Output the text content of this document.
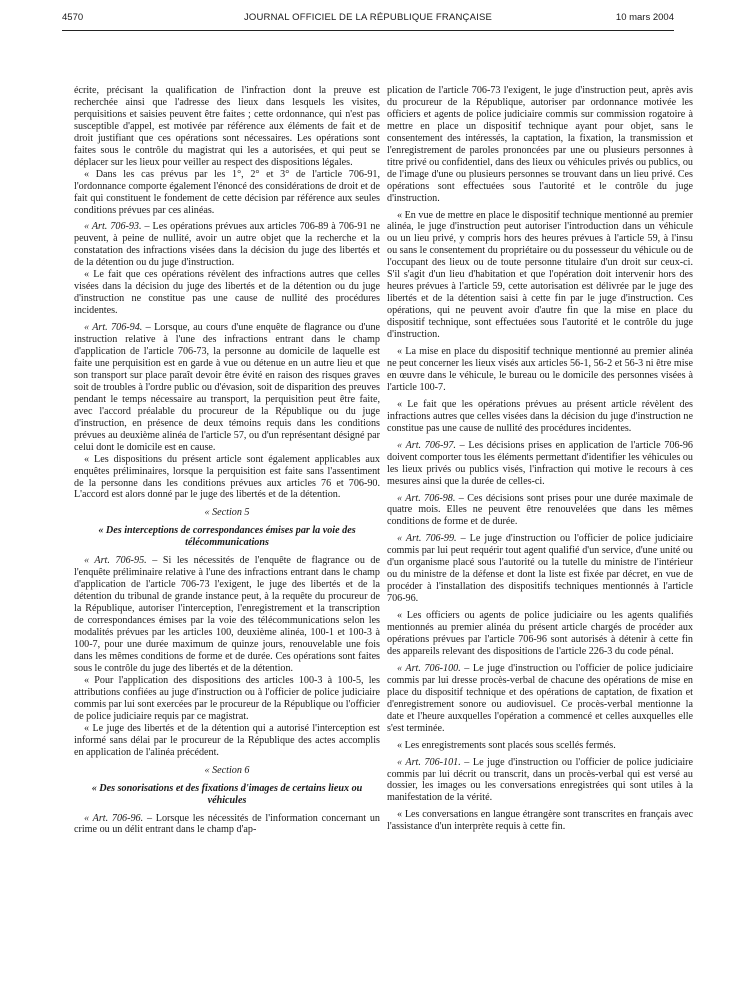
4570	JOURNAL OFFICIEL DE LA RÉPUBLIQUE FRANÇAISE	10 mars 2004

écrite, précisant la qualification de l'infraction dont la preuve est recherchée ainsi que l'adresse des lieux dans lesquels les visites, perquisitions et saisies peuvent être faites ; cette ordonnance, qui n'est pas susceptible d'appel, est motivée par référence aux éléments de fait et de droit justifiant que ces opérations sont nécessaires. Les opérations sont faites sous le contrôle du magistrat qui les a autorisées, et qui peut se déplacer sur les lieux pour veiller au respect des dispositions légales.

« Dans les cas prévus par les 1°, 2° et 3° de l'article 706-91, l'ordonnance comporte également l'énoncé des considérations de droit et de fait qui constituent le fondement de cette décision par référence aux seules conditions prévues par ces alinéas.

« Art. 706-93. – Les opérations prévues aux articles 706-89 à 706-91 ne peuvent, à peine de nullité, avoir un autre objet que la recherche et la constatation des infractions visées dans la décision du juge des libertés et de la détention ou du juge d'instruction.

« Le fait que ces opérations révèlent des infractions autres que celles visées dans la décision du juge des libertés et de la détention ou du juge d'instruction ne constitue pas une cause de nullité des procédures incidentes.

« Art. 706-94. – Lorsque, au cours d'une enquête de flagrance ou d'une instruction relative à l'une des infractions entrant dans le champ d'application de l'article 706-73, la personne au domicile de laquelle est faite une perquisition est en garde à vue ou détenue en un autre lieu et que son transport sur place paraît devoir être évité en raison des risques graves soit de troubles à l'ordre public ou d'évasion, soit de disparition des preuves pendant le temps nécessaire au transport, la perquisition peut être faite, avec l'accord préalable du procureur de la République ou du juge d'instruction, en présence de deux témoins requis dans les conditions prévues au deuxième alinéa de l'article 57, ou d'un représentant désigné par celui dont le domicile est en cause.

« Les dispositions du présent article sont également applicables aux enquêtes préliminaires, lorsque la perquisition est faite sans l'assentiment de la personne dans les conditions prévues aux articles 76 et 706-90. L'accord est alors donné par le juge des libertés et de la détention.

« Section 5

« Des interceptions de correspondances émises par la voie des télécommunications

« Art. 706-95. – Si les nécessités de l'enquête de flagrance ou de l'enquête préliminaire relative à l'une des infractions entrant dans le champ d'application de l'article 706-73 l'exigent, le juge des libertés et de la détention du tribunal de grande instance peut, à la requête du procureur de la République, autoriser l'interception, l'enregistrement et la transcription de correspondances émises par la voie des télécommunications selon les modalités prévues par les articles 100, deuxième alinéa, 100-1 et 100-3 à 100-7, pour une durée maximum de quinze jours, renouvelable une fois dans les mêmes conditions de forme et de durée. Ces opérations sont faites sous le contrôle du juge des libertés et de la détention.

« Pour l'application des dispositions des articles 100-3 à 100-5, les attributions confiées au juge d'instruction ou à l'officier de police judiciaire commis par lui sont exercées par le procureur de la République ou l'officier de police judiciaire requis par ce magistrat.

« Le juge des libertés et de la détention qui a autorisé l'interception est informé sans délai par le procureur de la République des actes accomplis en application de l'alinéa précédent.

« Section 6

« Des sonorisations et des fixations d'images de certains lieux ou véhicules

« Art. 706-96. – Lorsque les nécessités de l'information concernant un crime ou un délit entrant dans le champ d'ap-

plication de l'article 706-73 l'exigent, le juge d'instruction peut, après avis du procureur de la République, autoriser par ordonnance motivée les officiers et agents de police judiciaire commis sur commission rogatoire à mettre en place un dispositif technique ayant pour objet, sans le consentement des intéressés, la captation, la fixation, la transmission et l'enregistrement de paroles prononcées par une ou plusieurs personnes à titre privé ou confidentiel, dans des lieux ou véhicules privés ou publics, ou de l'image d'une ou plusieurs personnes se trouvant dans un lieu privé. Ces opérations sont effectuées sous l'autorité et le contrôle du juge d'instruction.

« En vue de mettre en place le dispositif technique mentionné au premier alinéa, le juge d'instruction peut autoriser l'introduction dans un véhicule ou un lieu privé, y compris hors des heures prévues à l'article 59, à l'insu ou sans le consentement du propriétaire ou du possesseur du véhicule ou de l'occupant des lieux ou de toute personne titulaire d'un droit sur ceux-ci. S'il s'agit d'un lieu d'habitation et que l'opération doit intervenir hors des heures prévues à l'article 59, cette autorisation est délivrée par le juge des libertés et de la détention saisi à cette fin par le juge d'instruction. Ces opérations, qui ne peuvent avoir d'autre fin que la mise en place du dispositif technique, sont effectuées sous l'autorité et le contrôle du juge d'instruction.

« La mise en place du dispositif technique mentionné au premier alinéa ne peut concerner les lieux visés aux articles 56-1, 56-2 et 56-3 ni être mise en œuvre dans le véhicule, le bureau ou le domicile des personnes visées à l'article 100-7.

« Le fait que les opérations prévues au présent article révèlent des infractions autres que celles visées dans la décision du juge d'instruction ne constitue pas une cause de nullité des procédures incidentes.

« Art. 706-97. – Les décisions prises en application de l'article 706-96 doivent comporter tous les éléments permettant d'identifier les véhicules ou les lieux privés ou publics visés, l'infraction qui motive le recours à ces mesures ainsi que la durée de celles-ci.

« Art. 706-98. – Ces décisions sont prises pour une durée maximale de quatre mois. Elles ne peuvent être renouvelées que dans les mêmes conditions de forme et de durée.

« Art. 706-99. – Le juge d'instruction ou l'officier de police judiciaire commis par lui peut requérir tout agent qualifié d'un service, d'une unité ou d'un organisme placé sous l'autorité ou la tutelle du ministre de l'intérieur ou du ministre de la défense et dont la liste est fixée par décret, en vue de procéder à l'installation des dispositifs techniques mentionnés à l'article 706-96.

« Les officiers ou agents de police judiciaire ou les agents qualifiés mentionnés au premier alinéa du présent article chargés de procéder aux opérations prévues par l'article 706-96 sont autorisés à détenir à cette fin des appareils relevant des dispositions de l'article 226-3 du code pénal.

« Art. 706-100. – Le juge d'instruction ou l'officier de police judiciaire commis par lui dresse procès-verbal de chacune des opérations de mise en place du dispositif technique et des opérations de captation, de fixation et d'enregistrement sonore ou audiovisuel. Ce procès-verbal mentionne la date et l'heure auxquelles l'opération a commencé et celles auxquelles elle s'est terminée.

« Les enregistrements sont placés sous scellés fermés.

« Art. 706-101. – Le juge d'instruction ou l'officier de police judiciaire commis par lui décrit ou transcrit, dans un procès-verbal qui est versé au dossier, les images ou les conversations enregistrées qui sont utiles à la manifestation de la vérité.

« Les conversations en langue étrangère sont transcrites en français avec l'assistance d'un interprète requis à cette fin.
